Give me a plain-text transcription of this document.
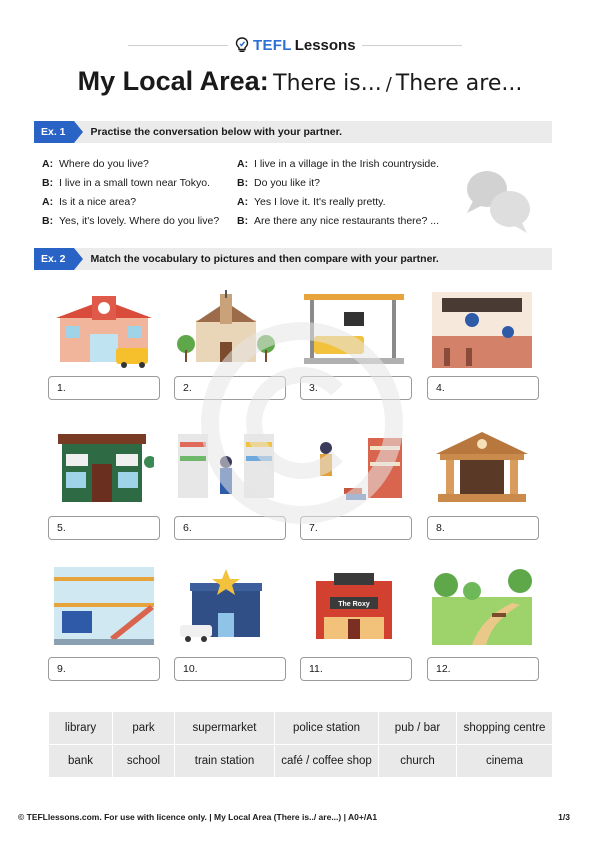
TEFL Lessons
My Local Area: There is... / There are...
Ex. 1	Practise the conversation below with your partner.
A: Where do you live?
B: I live in a small town near Tokyo.
A: Is it a nice area?
B: Yes, it's lovely. Where do you live?
A: I live in a village in the Irish countryside.
B: Do you like it?
A: Yes I love it. It's really pretty.
B: Are there any nice restaurants there? ...
Ex. 2	Match the vocabulary to pictures and then compare with your partner.
1.	2.	3.	4.
5.	6.	7.	8.
The Roxy
9.	10.	11.	12.
library	park	supermarket	police station	pub / bar	shopping centre
bank	school	train station	café / coffee shop	church	cinema
© TEFLlessons.com. For use with licence only. | My Local Area (There is../ are...) | A0+/A1	1/3
